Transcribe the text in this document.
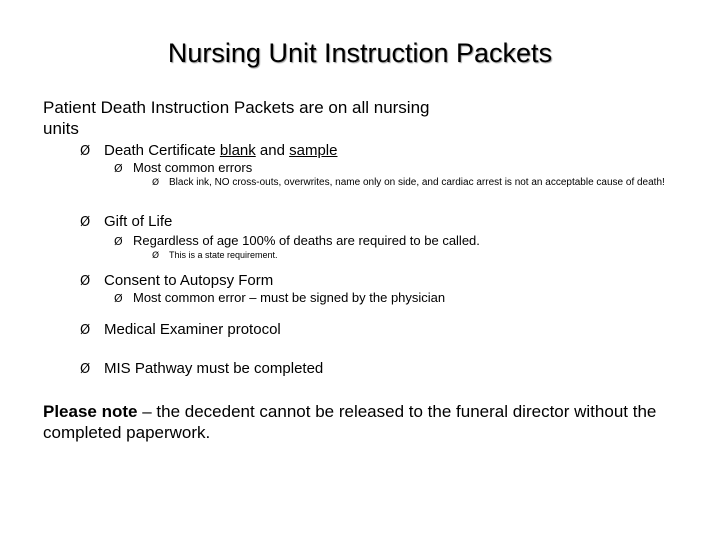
Nursing Unit Instruction Packets
Patient Death Instruction Packets are on all nursing units
Ø Death Certificate blank and sample
Ø Most common errors
Ø Black ink, NO cross-outs, overwrites, name only on side, and cardiac arrest is not an acceptable cause of death!
Ø Gift of Life
Ø Regardless of age 100% of deaths are required to be called.
Ø This is a state requirement.
Ø Consent to Autopsy Form
Ø Most common error – must be signed by the physician
Ø Medical Examiner protocol
Ø MIS Pathway must be completed
Please note – the decedent cannot be released to the funeral director without the completed paperwork.
